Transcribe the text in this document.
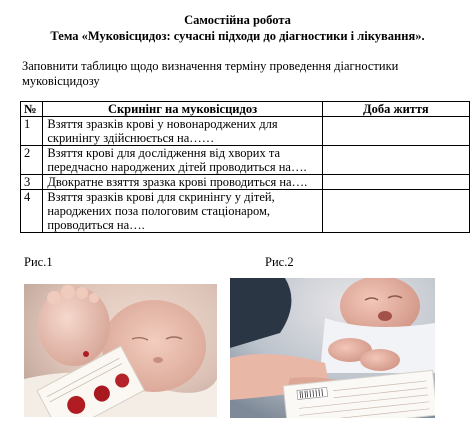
Самостійна робота
Тема «Муковісцидоз: сучасні підходи до діагностики і лікування».
Заповнити таблицю щодо визначення терміну проведення діагностики муковісцидозу
№	Скринінг на муковісцидоз	Доба життя
1	Взяття зразків крові у новонароджених для скринінгу здійснюється на……	
2	Взяття крові для дослідження від хворих та передчасно народжених дітей проводиться на….	
3	Двократне взяття зразка крові проводиться на….	
4	Взяття зразків крові для скринінгу у дітей, народжених поза пологовим стаціонаром, проводиться на….	
Рис.1	Рис.2
